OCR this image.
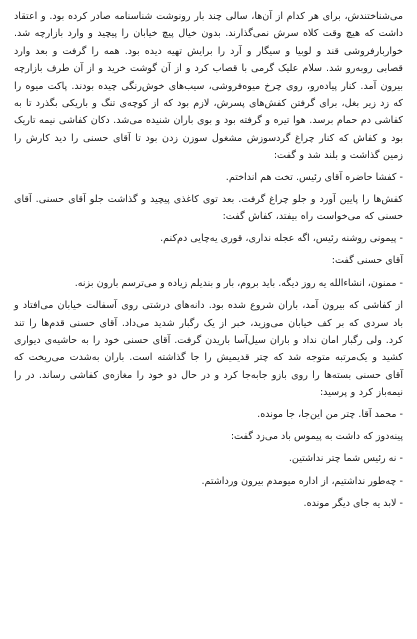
می‌شناختندش، برای هر کدام از آن‌ها، سالی چند بار رونوشت شناسنامه صادر کرده بود. و اعتقاد داشت که هیچ وقت کلاه سرش نمی‌گذارند. بدون خیال پیچ خیابان را پیچید و وارد بازارچه شد. خواربارفروشی قند و لوبیا و سیگار و آرد را برایش تهیه دیده بود. همه را گرفت و بعد وارد قصابی روبه‌رو شد. سلام علیک گرمی با قصاب کرد و از آن گوشت خرید و از آن طرف بازارچه بیرون آمد. کنار پیاده‌رو، روی چرخ میوه‌فروشی، سیب‌های خوش‌رنگی چیده بودند. پاکت میوه را که زد زیر بغل، برای گرفتن کفش‌های پسرش، لازم بود که از کوچه‌ی تنگ و باریکی بگذرد تا به کفاشی دم حمام برسد. هوا تیره و گرفته بود و بوی باران شنیده می‌شد. دکان کفاشی نیمه تاریک بود و کفاش که کنار چراغ گردسوزش مشغول سوزن زدن بود تا آقای حسنی را دید کارش را زمین گذاشت و بلند شد و گفت:

- کفشا حاضره آقای رئیس. تخت هم انداختم.

کفش‌ها را پایین آورد و جلو چراغ گرفت. بعد توی کاغذی پیچید و گذاشت جلو آقای حسنی. آقای حسنی که می‌خواست راه بیفتد، کفاش گفت:

- پیمونی روشنه رئیس، اگه عجله نداری، قوری یه‌چایی دم‌کنم.

آقای حسنی گفت:

- ممنون، انشاءالله یه روز دیگه. باید بروم، بار و بندیلم زیاده و می‌ترسم بارون بزنه.

از کفاشی که بیرون آمد، باران شروع شده بود. دانه‌های درشتی روی آسفالت خیابان می‌افتاد و باد سردی که بر کف خیابان می‌وزید، خبر از یک رگبار شدید می‌داد. آقای حسنی قدم‌ها را تند کرد. ولی رگبار امان نداد و باران سیل‌آسا باریدن گرفت. آقای حسنی خود را به حاشیه‌ی دیواری کشید و یک‌مرتبه متوجه شد که چتر قدیمیش را جا گذاشته است. باران به‌شدت می‌ریخت که آقای حسنی بسته‌ها را روی بازو جابه‌جا کرد و در حال دو خود را مغازه‌ی کفاشی رساند. در را نیمه‌باز کرد و پرسید:

- محمد آقا. چتر من این‌جا، جا مونده.

پینه‌دوز که داشت به پیموس باد می‌زد گفت:

- نه رئیس شما چتر نداشتین.

- چه‌طور نداشتیم، از اداره میومدم بیرون ورداشتم.

- لابد یه جای دیگر مونده.
